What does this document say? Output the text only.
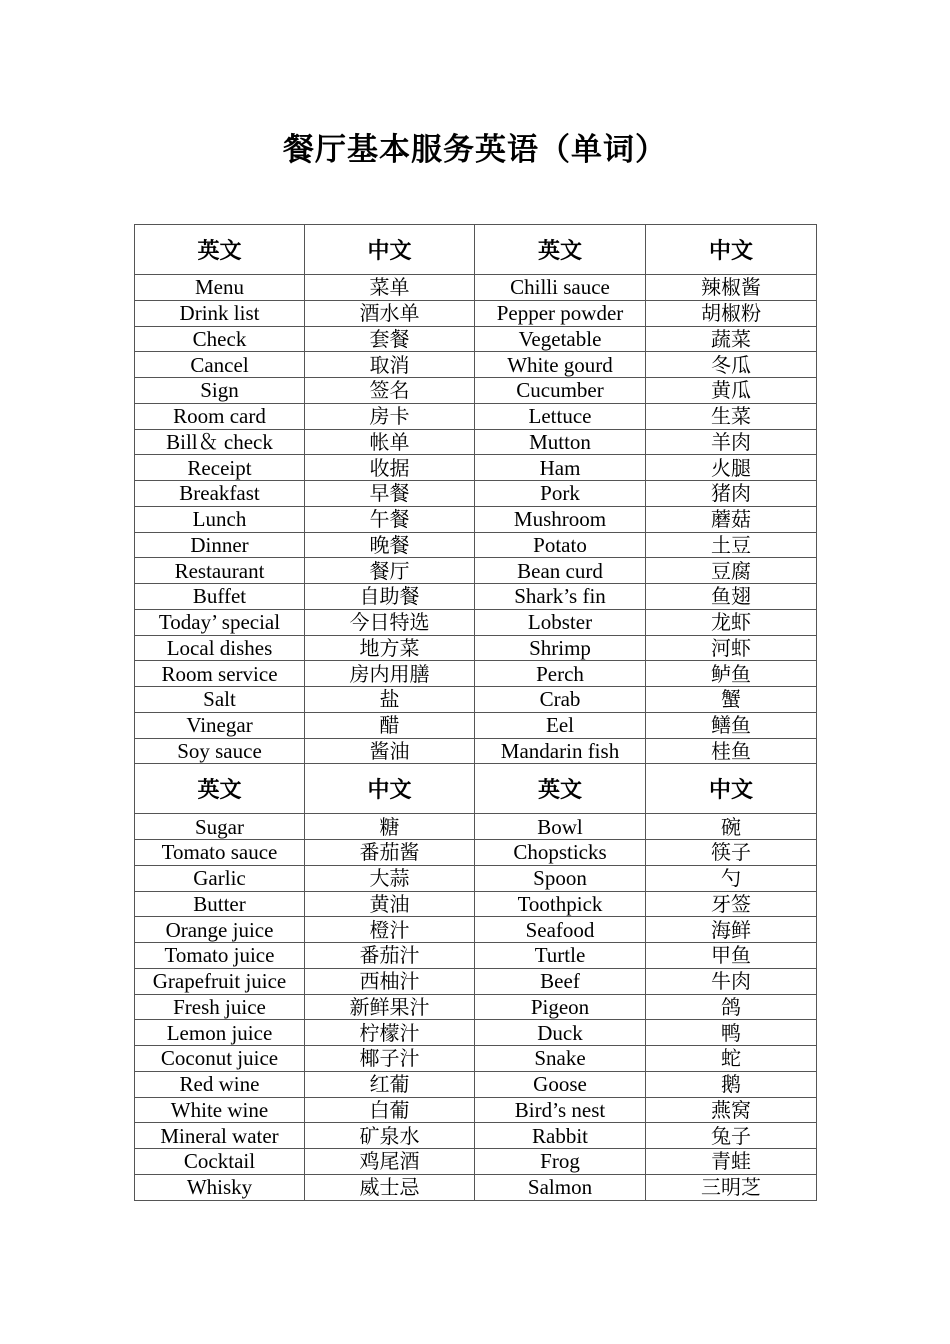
餐厅基本服务英语（单词）
英文	中文	英文	中文
Menu	菜单	Chilli sauce	辣椒酱
Drink list	酒水单	Pepper powder	胡椒粉
Check	套餐	Vegetable	蔬菜
Cancel	取消	White gourd	冬瓜
Sign	签名	Cucumber	黄瓜
Room card	房卡	Lettuce	生菜
Bill＆ check	帐单	Mutton	羊肉
Receipt	收据	Ham	火腿
Breakfast	早餐	Pork	猪肉
Lunch	午餐	Mushroom	蘑菇
Dinner	晚餐	Potato	土豆
Restaurant	餐厅	Bean curd	豆腐
Buffet	自助餐	Shark’s fin	鱼翅
Today’ special	今日特选	Lobster	龙虾
Local dishes	地方菜	Shrimp	河虾
Room service	房内用膳	Perch	鲈鱼
Salt	盐	Crab	蟹
Vinegar	醋	Eel	鳝鱼
Soy sauce	酱油	Mandarin fish	桂鱼
英文	中文	英文	中文
Sugar	糖	Bowl	碗
Tomato sauce	番茄酱	Chopsticks	筷子
Garlic	大蒜	Spoon	勺
Butter	黄油	Toothpick	牙签
Orange juice	橙汁	Seafood	海鲜
Tomato juice	番茄汁	Turtle	甲鱼
Grapefruit juice	西柚汁	Beef	牛肉
Fresh juice	新鲜果汁	Pigeon	鸽
Lemon juice	柠檬汁	Duck	鸭
Coconut juice	椰子汁	Snake	蛇
Red wine	红葡	Goose	鹅
White wine	白葡	Bird’s nest	燕窝
Mineral water	矿泉水	Rabbit	兔子
Cocktail	鸡尾酒	Frog	青蛙
Whisky	威士忌	Salmon	三明芝
